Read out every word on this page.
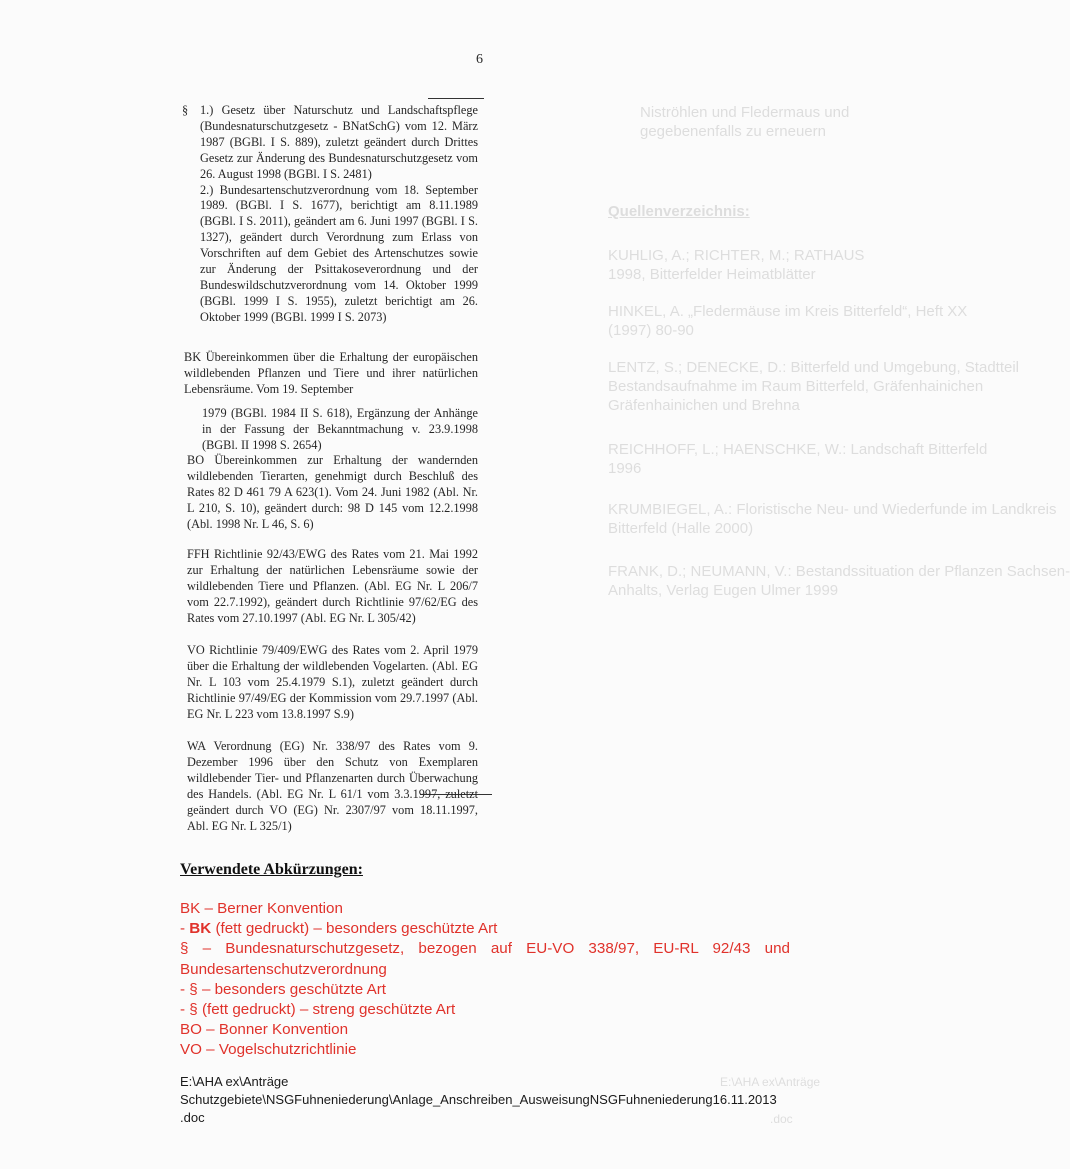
6
Niströhlen und Fledermaus und
gegebenenfalls zu erneuern
Quellenverzeichnis:
KUHLIG, A.; RICHTER, M.; RATHAUS
1998, Bitterfelder Heimatblätter
HINKEL, A. „Fledermäuse im Kreis Bitterfeld“, Heft XX
(1997) 80-90
LENTZ, S.; DENECKE, D.: Bitterfeld und Umgebung, Stadtteil
Bestandsaufnahme im Raum Bitterfeld, Gräfenhainichen
Gräfenhainichen und Brehna
REICHHOFF, L.; HAENSCHKE, W.: Landschaft Bitterfeld
1996
KRUMBIEGEL, A.: Floristische Neu- und Wiederfunde im Landkreis
Bitterfeld (Halle 2000)
FRANK, D.; NEUMANN, V.: Bestandssituation der Pflanzen Sachsen-
Anhalts, Verlag Eugen Ulmer 1999
E:\AHA ex\Anträge
.doc
§ 1.) Gesetz über Naturschutz und Landschaftspflege (Bundesnaturschutzgesetz - BNatSchG) vom 12. März 1987 (BGBl. I S. 889), zuletzt geändert durch Drittes Gesetz zur Änderung des Bundesnaturschutzgesetz vom 26. August 1998 (BGBl. I S. 2481)

2.) Bundesartenschutzverordnung vom 18. September 1989. (BGBl. I S. 1677), berichtigt am 8.11.1989 (BGBl. I S. 2011), geändert am 6. Juni 1997 (BGBl. I S. 1327), geändert durch Verordnung zum Erlass von Vorschriften auf dem Gebiet des Artenschutzes sowie zur Änderung der Psittakoseverordnung und der Bundeswildschutzverordnung vom 14. Oktober 1999 (BGBl. 1999 I S. 1955), zuletzt berichtigt am 26. Oktober 1999 (BGBl. 1999 I S. 2073)

BK Übereinkommen über die Erhaltung der europäischen wildlebenden Pflanzen und Tiere und ihrer natürlichen Lebensräume. Vom 19. September

1979 (BGBl. 1984 II S. 618), Ergänzung der Anhänge in der Fassung der Bekanntmachung v. 23.9.1998 (BGBl. II 1998 S. 2654)

BO Übereinkommen zur Erhaltung der wandernden wildlebenden Tierarten, genehmigt durch Beschluß des Rates 82 D 461 79 A 623(1). Vom 24. Juni 1982 (Abl. Nr. L 210, S. 10), geändert durch: 98 D 145 vom 12.2.1998 (Abl. 1998 Nr. L 46, S. 6)

FFH Richtlinie 92/43/EWG des Rates vom 21. Mai 1992 zur Erhaltung der natürlichen Lebensräume sowie der wildlebenden Tiere und Pflanzen. (Abl. EG Nr. L 206/7 vom 22.7.1992), geändert durch Richtlinie 97/62/EG des Rates vom 27.10.1997 (Abl. EG Nr. L 305/42)

VO Richtlinie 79/409/EWG des Rates vom 2. April 1979 über die Erhaltung der wildlebenden Vogelarten. (Abl. EG Nr. L 103 vom 25.4.1979 S.1), zuletzt geändert durch Richtlinie 97/49/EG der Kommission vom 29.7.1997 (Abl. EG Nr. L 223 vom 13.8.1997 S.9)

WA Verordnung (EG) Nr. 338/97 des Rates vom 9. Dezember 1996 über den Schutz von Exemplaren wildlebender Tier- und Pflanzenarten durch Überwachung des Handels. (Abl. EG Nr. L 61/1 vom 3.3.1997, zuletzt geändert durch VO (EG) Nr. 2307/97 vom 18.11.1997, Abl. EG Nr. L 325/1)

Verwendete Abkürzungen:
BK – Berner Konvention
- BK (fett gedruckt) – besonders geschützte Art
§ – Bundesnaturschutzgesetz, bezogen auf EU-VO 338/97, EU-RL 92/43 und Bundesartenschutzverordnung
- § – besonders geschützte Art
- § (fett gedruckt) – streng geschützte Art
BO – Bonner Konvention
VO – Vogelschutzrichtlinie
E:\AHA ex\Anträge
Schutzgebiete\NSGFuhneniederung\Anlage_Anschreiben_AusweisungNSGFuhneniederung16.11.2013
.doc
